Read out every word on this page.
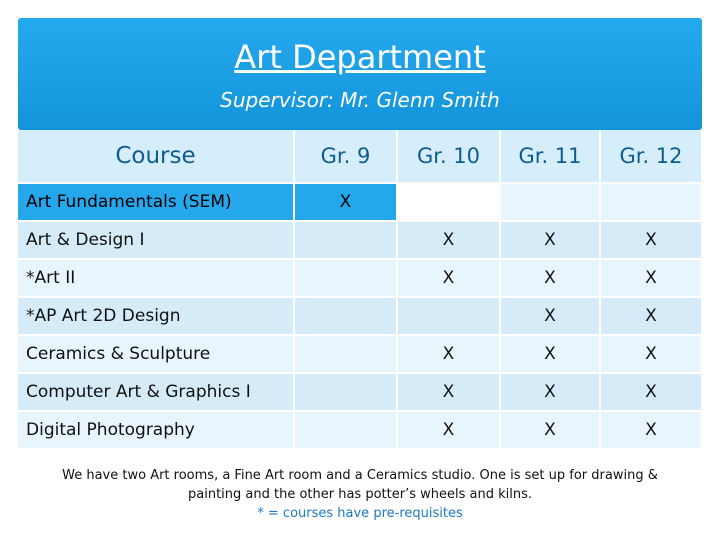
Art Department
Supervisor: Mr. Glenn Smith
Course	Gr. 9	Gr. 10	Gr. 11	Gr. 12
Art Fundamentals (SEM)	X			
Art & Design I		X	X	X
*Art II		X	X	X
*AP Art 2D Design			X	X
Ceramics & Sculpture		X	X	X
Computer Art & Graphics I		X	X	X
Digital Photography		X	X	X
We have two Art rooms, a Fine Art room and a Ceramics studio. One is set up for drawing & painting and the other has potter’s wheels and kilns.
* = courses have pre-requisites
